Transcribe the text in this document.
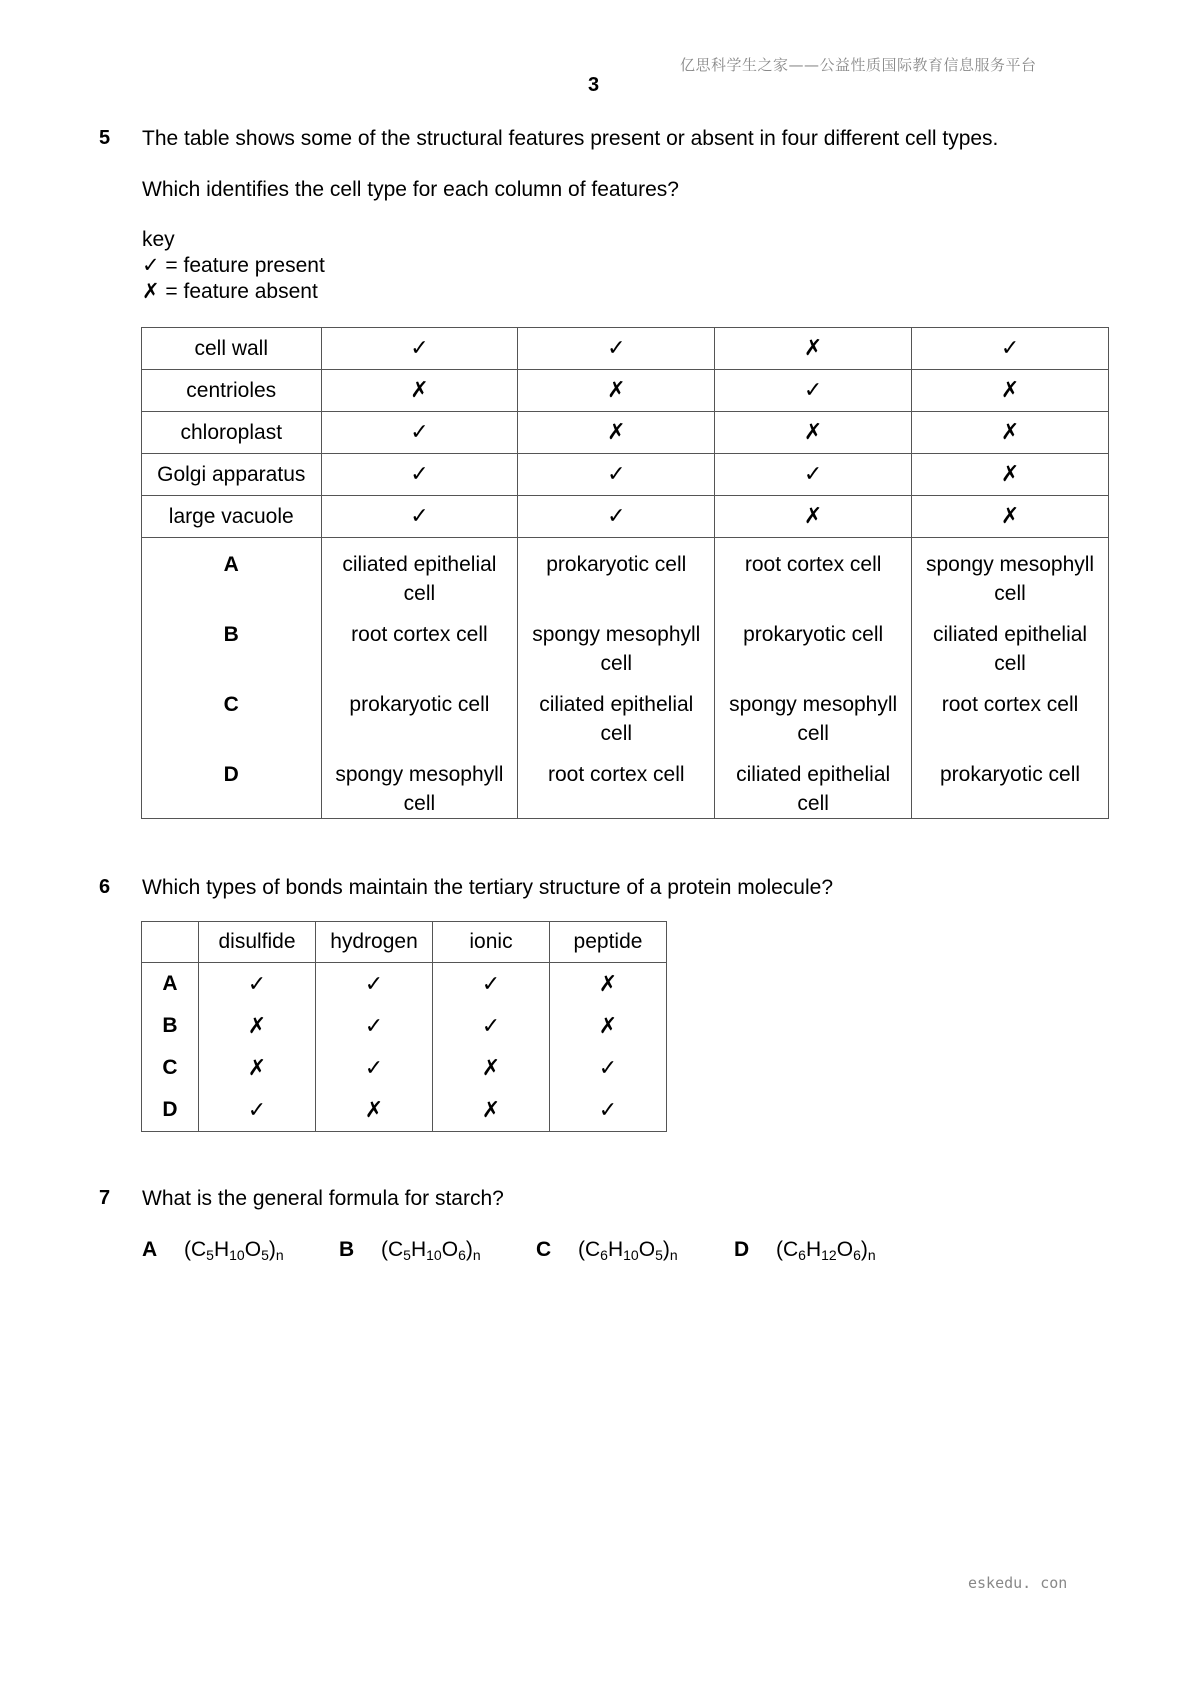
亿思科学生之家——公益性质国际教育信息服务平台
3
5 The table shows some of the structural features present or absent in four different cell types.
Which identifies the cell type for each column of features?
key
✓ = feature present
✗ = feature absent
cell wall	✓	✓	✗	✓
centrioles	✗	✗	✓	✗
chloroplast	✓	✗	✗	✗
Golgi apparatus	✓	✓	✓	✗
large vacuole	✓	✓	✗	✗
A	ciliated epithelial cell	prokaryotic cell	root cortex cell	spongy mesophyll cell
B	root cortex cell	spongy mesophyll cell	prokaryotic cell	ciliated epithelial cell
C	prokaryotic cell	ciliated epithelial cell	spongy mesophyll cell	root cortex cell
D	spongy mesophyll cell	root cortex cell	ciliated epithelial cell	prokaryotic cell
6 Which types of bonds maintain the tertiary structure of a protein molecule?
	disulfide	hydrogen	ionic	peptide
A	✓	✓	✓	✗
B	✗	✓	✓	✗
C	✗	✓	✗	✓
D	✓	✗	✗	✓
7 What is the general formula for starch?
A $(C_5H_{10}O_5)_n$	B $(C_5H_{10}O_6)_n$	C $(C_6H_{10}O_5)_n$	D $(C_6H_{12}O_6)_n$
eskedu. con
